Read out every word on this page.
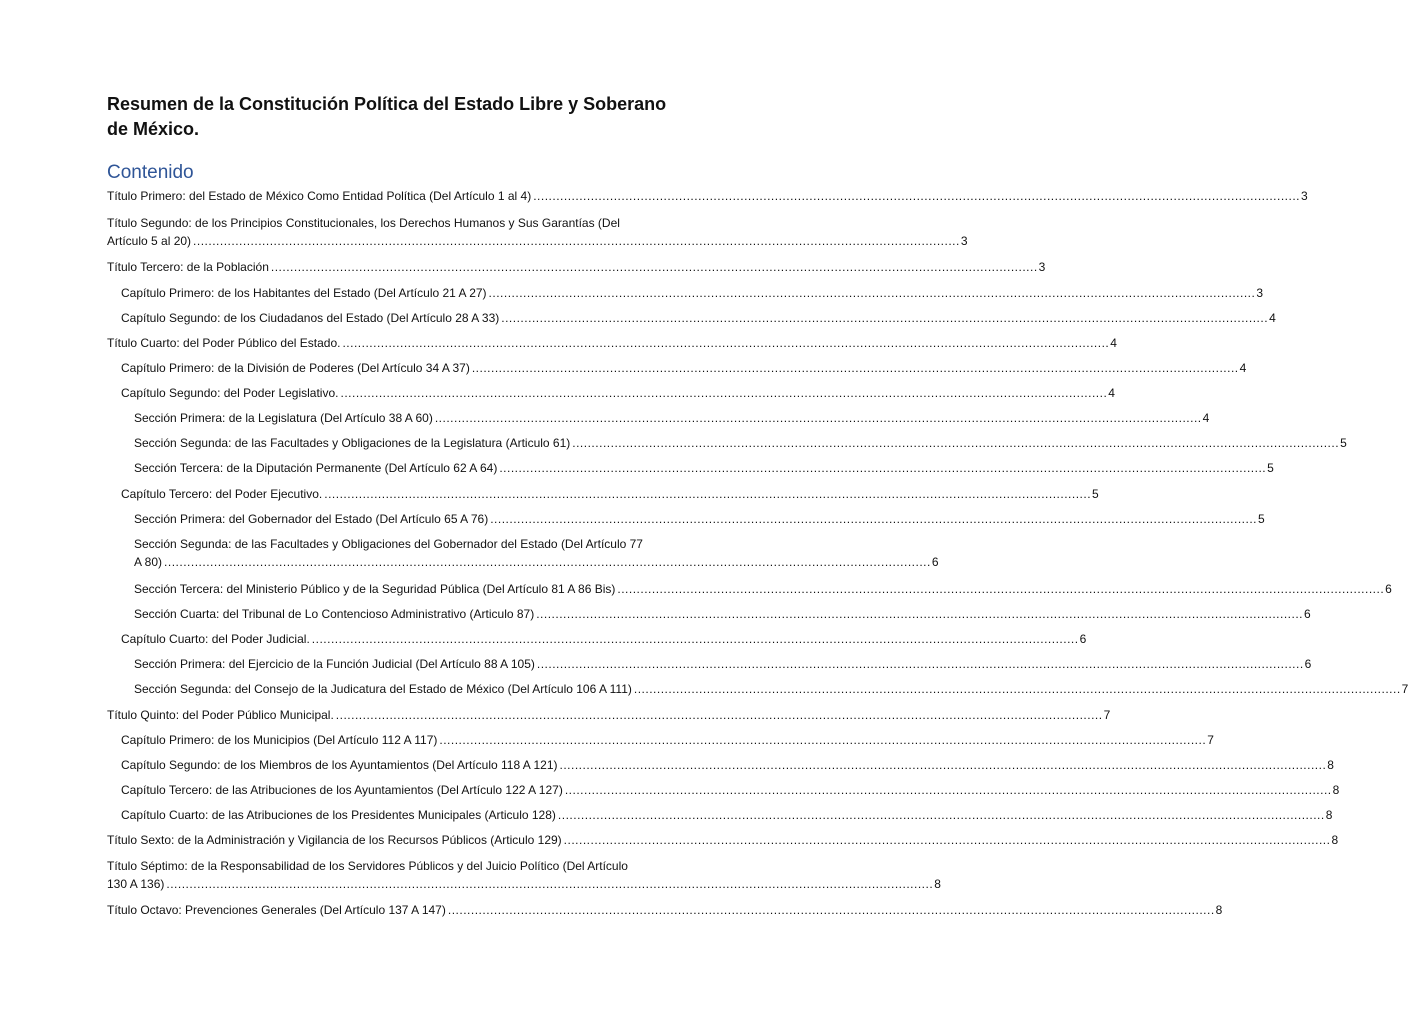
Resumen de la Constitución Política del Estado Libre y Soberano de México.
Contenido
Título Primero: del Estado de México Como Entidad Política (Del Artículo 1 al 4) .....	3
Título Segundo: de los Principios Constitucionales, los Derechos Humanos y Sus Garantías (Del
Artículo 5 al 20) .....	3
Título Tercero: de la Población .....	3
Capítulo Primero: de los Habitantes del Estado (Del Artículo 21 A 27) .....	3
Capítulo Segundo: de los Ciudadanos del Estado (Del Artículo 28 A 33) .....	4
Título Cuarto: del Poder Público del Estado. .....	4
Capítulo Primero: de la División de Poderes (Del Artículo 34 A 37) .....	4
Capítulo Segundo: del Poder Legislativo. .....	4
Sección Primera: de la Legislatura (Del Artículo 38 A 60) .....	4
Sección Segunda: de las Facultades y Obligaciones de la Legislatura (Articulo 61) .....	5
Sección Tercera: de la Diputación Permanente (Del Artículo 62 A 64) .....	5
Capítulo Tercero: del Poder Ejecutivo. .....	5
Sección Primera: del Gobernador del Estado (Del Artículo 65 A 76) .....	5
Sección Segunda: de las Facultades y Obligaciones del Gobernador del Estado (Del Artículo 77
A 80) .....	6
Sección Tercera: del Ministerio Público y de la Seguridad Pública (Del Artículo 81 A 86 Bis) .....	6
Sección Cuarta: del Tribunal de Lo Contencioso Administrativo (Articulo 87) .....	6
Capítulo Cuarto: del Poder Judicial. .....	6
Sección Primera: del Ejercicio de la Función Judicial (Del Artículo 88 A 105) .....	6
Sección Segunda: del Consejo de la Judicatura del Estado de México (Del Artículo 106 A 111) .....	7
Título Quinto: del Poder Público Municipal. .....	7
Capítulo Primero: de los Municipios (Del Artículo 112 A 117) .....	7
Capítulo Segundo: de los Miembros de los Ayuntamientos (Del Artículo 118 A 121) .....	8
Capítulo Tercero: de las Atribuciones de los Ayuntamientos (Del Artículo 122 A 127) .....	8
Capítulo Cuarto: de las Atribuciones de los Presidentes Municipales (Articulo 128) .....	8
Título Sexto: de la Administración y Vigilancia de los Recursos Públicos (Articulo 129) .....	8
Título Séptimo: de la Responsabilidad de los Servidores Públicos y del Juicio Político (Del Artículo
130 A 136) .....	8
Título Octavo: Prevenciones Generales (Del Artículo 137 A 147) .....	8
